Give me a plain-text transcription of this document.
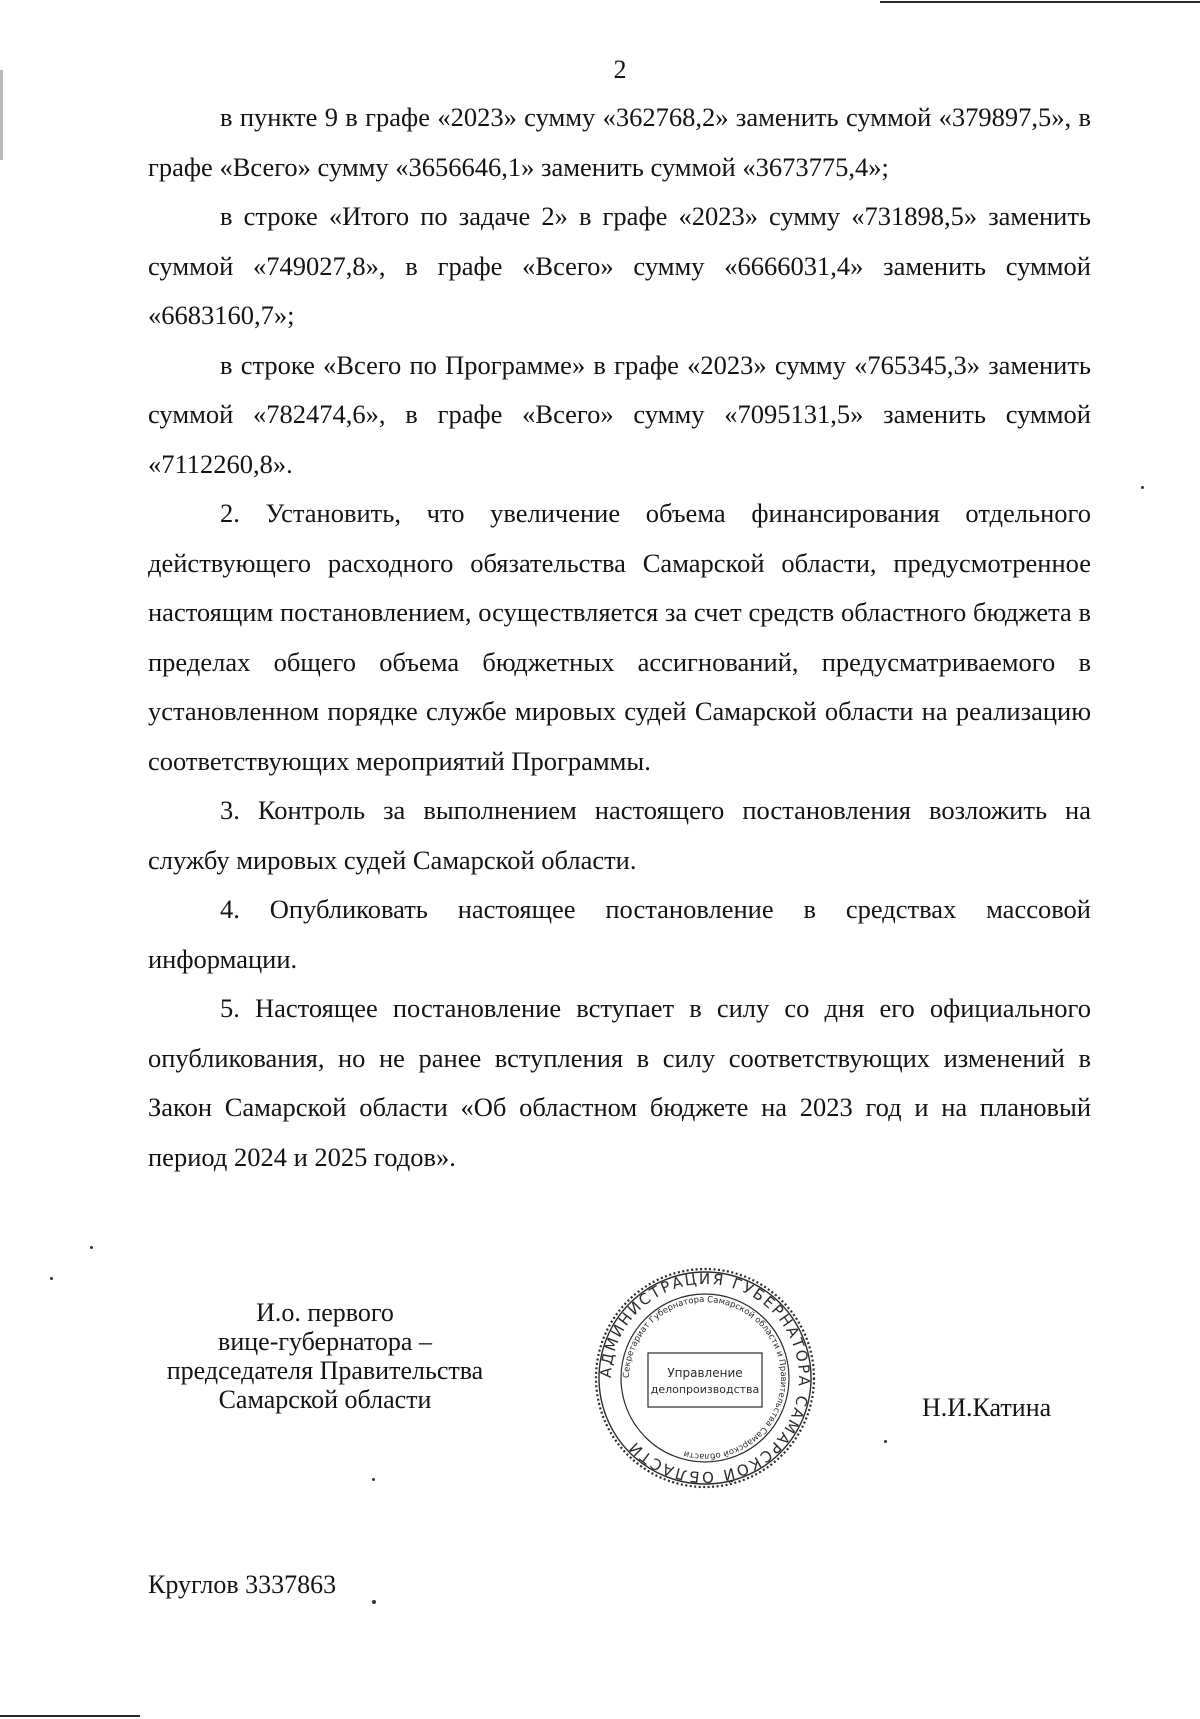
2

в пункте 9 в графе «2023» сумму «362768,2» заменить суммой «379897,5», в графе «Всего» сумму «3656646,1» заменить суммой «3673775,4»;

в строке «Итого по задаче 2» в графе «2023» сумму «731898,5» заменить суммой «749027,8», в графе «Всего» сумму «6666031,4» заменить суммой «6683160,7»;

в строке «Всего по Программе» в графе «2023» сумму «765345,3» заменить суммой «782474,6», в графе «Всего» сумму «7095131,5» заменить суммой «7112260,8».

2. Установить, что увеличение объема финансирования отдельного действующего расходного обязательства Самарской области, предусмотренное настоящим постановлением, осуществляется за счет средств областного бюджета в пределах общего объема бюджетных ассигнований, предусматриваемого в установленном порядке службе мировых судей Самарской области на реализацию соответствующих мероприятий Программы.

3. Контроль за выполнением настоящего постановления возложить на службу мировых судей Самарской области.

4. Опубликовать настоящее постановление в средствах массовой информации.

5. Настоящее постановление вступает в силу со дня его официального опубликования, но не ранее вступления в силу соответствующих изменений в Закон Самарской области «Об областном бюджете на 2023 год и на плановый период 2024 и 2025 годов».

И.о. первого
вице-губернатора –
председателя Правительства
Самарской области
АДМИНИСТРАЦИЯ ГУБЕРНАТОРА САМАРСКОЙ ОБЛАСТИ
Секретариат Губернатора Самарской области и Правительства Самарской области
Управление
делопроизводства
Н.И.Катина
Круглов 3337863
